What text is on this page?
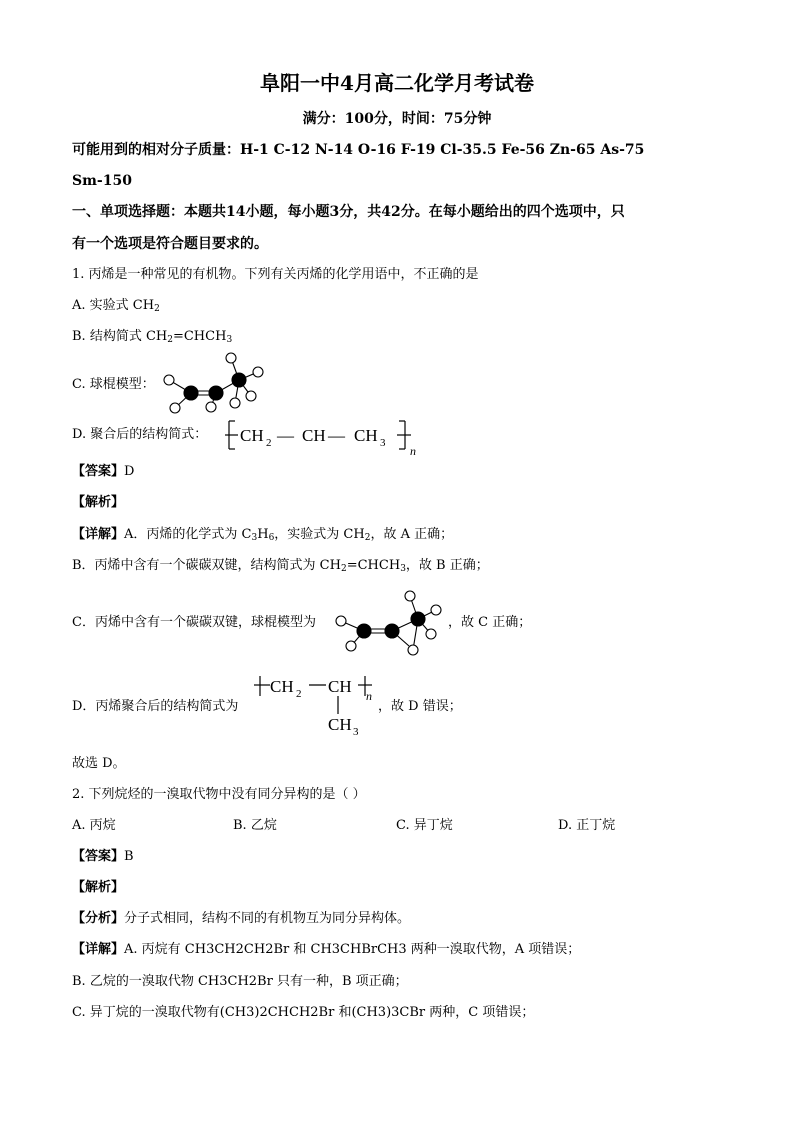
阜阳一中4月高二化学月考试卷
满分：100分，时间：75分钟
可能用到的相对分子质量：H-1 C-12 N-14 O-16 F-19 Cl-35.5 Fe-56 Zn-65 As-75
Sm-150
一、单项选择题：本题共14小题，每小题3分，共42分。在每小题给出的四个选项中，只
有一个选项是符合题目要求的。
1. 丙烯是一种常见的有机物。下列有关丙烯的化学用语中，不正确的是
A. 实验式 $CH_2$
B. 结构简式 $CH_2=CHCH_3$
C. 球棍模型：
D. 聚合后的结构简式： CH 2 — CH — CH 3
n
【答案】D
【解析】
【详解】A．丙烯的化学式为 $C_3H_6$，实验式为 $CH_2$，故 A 正确；
B．丙烯中含有一个碳碳双键，结构简式为 $CH_2=CHCH_3$，故 B 正确；
C．丙烯中含有一个碳碳双键，球棍模型为	，故 C 正确；
D．丙烯聚合后的结构简式为
CH 2 CH n
CH 3
，故 D 错误；
故选 D。
2. 下列烷烃的一溴取代物中没有同分异构的是（ ）
A. 丙烷	B. 乙烷	C. 异丁烷	D. 正丁烷
【答案】B
【解析】
【分析】分子式相同，结构不同的有机物互为同分异构体。
【详解】A. 丙烷有 CH3CH2CH2Br 和 CH3CHBrCH3 两种一溴取代物，A 项错误；
B. 乙烷的一溴取代物 CH3CH2Br 只有一种，B 项正确；
C. 异丁烷的一溴取代物有(CH3)2CHCH2Br 和(CH3)3CBr 两种，C 项错误；
